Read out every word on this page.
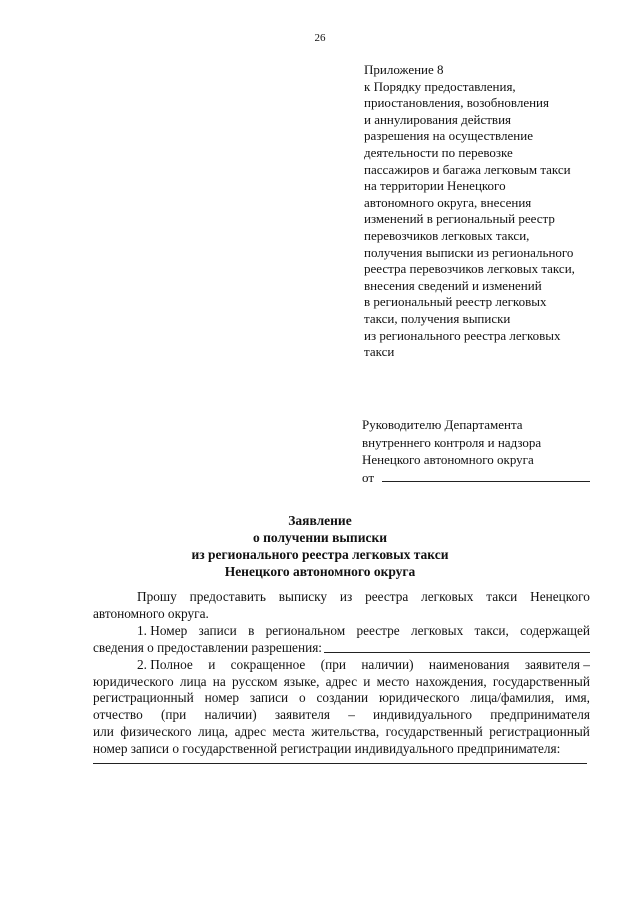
26
Приложение 8
к Порядку предоставления,
приостановления, возобновления
и аннулирования действия
разрешения на осуществление
деятельности по перевозке
пассажиров и багажа легковым такси
на территории Ненецкого
автономного округа, внесения
изменений в региональный реестр
перевозчиков легковых такси,
получения выписки из регионального
реестра перевозчиков легковых такси,
внесения сведений и изменений
в региональный реестр легковых
такси, получения выписки
из регионального реестра легковых
такси
Руководителю Департамента
внутреннего контроля и надзора
Ненецкого автономного округа
от
Заявление
о получении выписки
из регионального реестра легковых такси
Ненецкого автономного округа
Прошу предоставить выписку из реестра легковых такси Ненецкого
автономного округа.
1. Номер записи в региональном реестре легковых такси, содержащей
сведения о предоставлении разрешения:
2. Полное и сокращенное (при наличии) наименования заявителя –
юридического лица на русском языке, адрес и место нахождения, государственный
регистрационный номер записи о создании юридического лица/фамилия, имя,
отчество (при наличии) заявителя – индивидуального предпринимателя
или физического лица, адрес места жительства, государственный регистрационный
номер записи о государственной регистрации индивидуального предпринимателя:
